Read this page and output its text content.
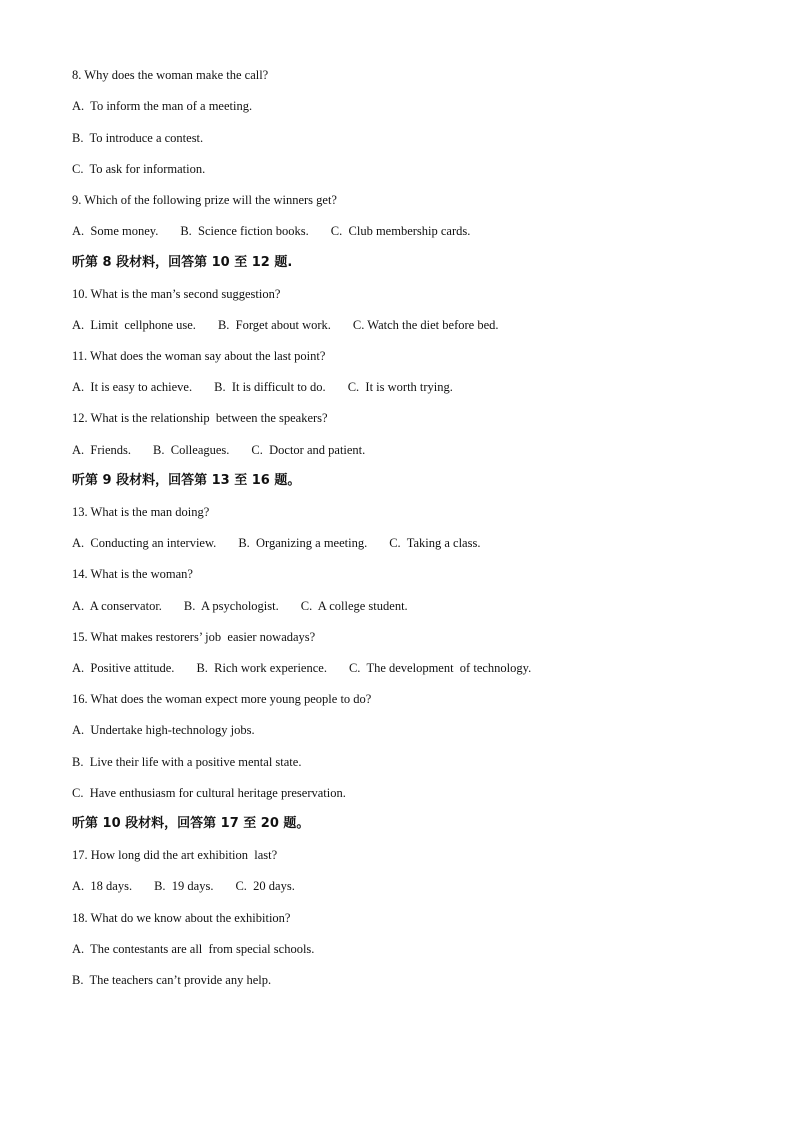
8. Why does the woman make the call?
A.  To inform the man of a meeting.
B.  To introduce a contest.
C.  To ask for information.
9. Which of the following prize will the winners get?
A.  Some money. B.  Science fiction books. C.  Club membership cards.
听第 8 段材料，回答第 10 至 12 题.
10. What is the man’s second suggestion?
A.  Limit  cellphone use. B.  Forget about work. C. Watch the diet before bed.
11. What does the woman say about the last point?
A.  It is easy to achieve. B.  It is difficult to do. C.  It is worth trying.
12. What is the relationship  between the speakers?
A.  Friends. B.  Colleagues. C.  Doctor and patient.
听第 9 段材料，回答第 13 至 16 题。
13. What is the man doing?
A.  Conducting an interview. B.  Organizing a meeting. C.  Taking a class.
14. What is the woman?
A.  A conservator. B.  A psychologist. C.  A college student.
15. What makes restorers’ job  easier nowadays?
A.  Positive attitude. B.  Rich work experience. C.  The development  of technology.
16. What does the woman expect more young people to do?
A.  Undertake high-technology jobs.
B.  Live their life with a positive mental state.
C.  Have enthusiasm for cultural heritage preservation.
听第 10 段材料，回答第 17 至 20 题。
17. How long did the art exhibition  last?
A.  18 days. B.  19 days. C.  20 days.
18. What do we know about the exhibition?
A.  The contestants are all  from special schools.
B.  The teachers can’t provide any help.
